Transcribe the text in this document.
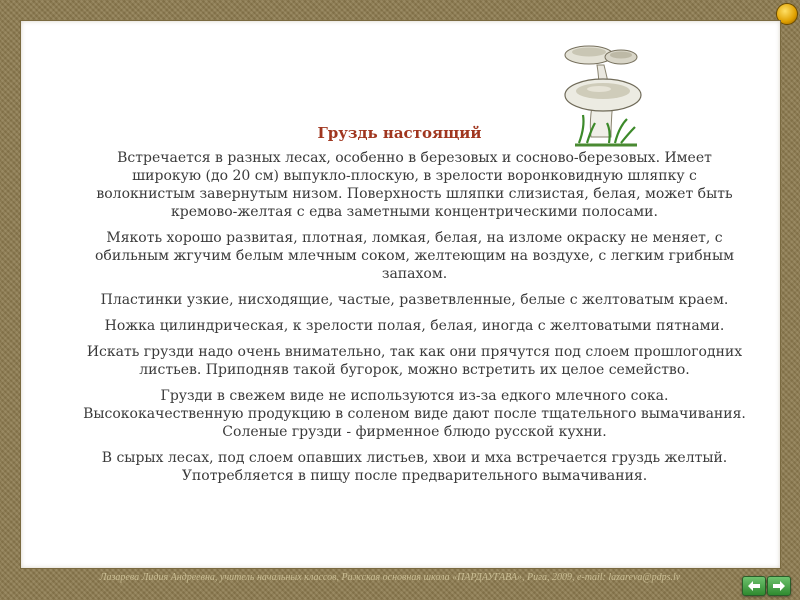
Груздь настоящий

Встречается в разных лесах, особенно в березовых и сосново-березовых. Имеет широкую (до 20 см) выпукло-плоскую, в зрелости воронковидную шляпку с волокнистым завернутым низом. Поверхность шляпки слизистая, белая, может быть кремово-желтая с едва заметными концентрическими полосами.

Мякоть хорошо развитая, плотная, ломкая, белая, на изломе окраску не меняет, с обильным жгучим белым млечным соком, желтеющим на воздухе, с легким грибным запахом.

Пластинки узкие, нисходящие, частые, разветвленные, белые с желтоватым краем.

Ножка цилиндрическая, к зрелости полая, белая, иногда с желтоватыми пятнами.

Искать грузди надо очень внимательно, так как они прячутся под слоем прошлогодних листьев. Приподняв такой бугорок, можно встретить их целое семейство.

Грузди в свежем виде не используются из-за едкого млечного сока. Высококачественную продукцию в соленом виде дают после тщательного вымачивания. Соленые грузди - фирменное блюдо русской кухни.

В сырых лесах, под слоем опавших листьев, хвои и мха встречается груздь желтый. Употребляется в пищу после предварительного вымачивания.

Лазарева Лидия Андреевна, учитель начальных классов, Рижская основная школа «ПАРДАУГАВА», Рига, 2009, e-mail: lazareva@pdps.lv
